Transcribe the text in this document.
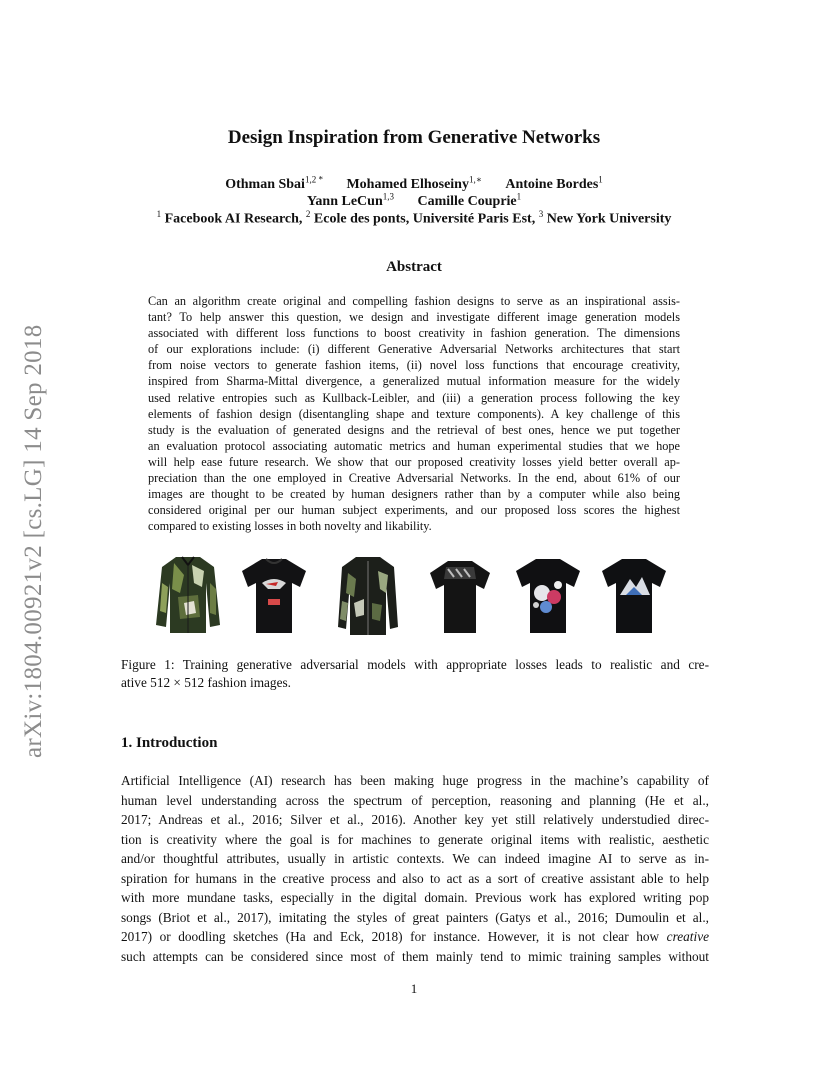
arXiv:1804.00921v2 [cs.LG] 14 Sep 2018
Design Inspiration from Generative Networks
Othman Sbai$^{1,2 *}$ Mohamed Elhoseiny$^{1,∗}$ Antoine Bordes$^1$
Yann LeCun$^{1,3}$ Camille Couprie$^1$
$^1$ Facebook AI Research, $^2$ Ecole des ponts, Université Paris Est, $^3$ New York University
Abstract
Can an algorithm create original and compelling fashion designs to serve as an inspirational assis-
tant? To help answer this question, we design and investigate different image generation models
associated with different loss functions to boost creativity in fashion generation. The dimensions
of our explorations include: (i) different Generative Adversarial Networks architectures that start
from noise vectors to generate fashion items, (ii) novel loss functions that encourage creativity,
inspired from Sharma-Mittal divergence, a generalized mutual information measure for the widely
used relative entropies such as Kullback-Leibler, and (iii) a generation process following the key
elements of fashion design (disentangling shape and texture components). A key challenge of this
study is the evaluation of generated designs and the retrieval of best ones, hence we put together
an evaluation protocol associating automatic metrics and human experimental studies that we hope
will help ease future research. We show that our proposed creativity losses yield better overall ap-
preciation than the one employed in Creative Adversarial Networks. In the end, about 61% of our
images are thought to be created by human designers rather than by a computer while also being
considered original per our human subject experiments, and our proposed loss scores the highest
compared to existing losses in both novelty and likability.
Figure 1: Training generative adversarial models with appropriate losses leads to realistic and cre-
ative 512 × 512 fashion images.
1. Introduction
Artificial Intelligence (AI) research has been making huge progress in the machine’s capability of
human level understanding across the spectrum of perception, reasoning and planning (He et al.,
2017; Andreas et al., 2016; Silver et al., 2016). Another key yet still relatively understudied direc-
tion is creativity where the goal is for machines to generate original items with realistic, aesthetic
and/or thoughtful attributes, usually in artistic contexts. We can indeed imagine AI to serve as in-
spiration for humans in the creative process and also to act as a sort of creative assistant able to help
with more mundane tasks, especially in the digital domain. Previous work has explored writing pop
songs (Briot et al., 2017), imitating the styles of great painters (Gatys et al., 2016; Dumoulin et al.,
2017) or doodling sketches (Ha and Eck, 2018) for instance. However, it is not clear how creative
such attempts can be considered since most of them mainly tend to mimic training samples without
1
